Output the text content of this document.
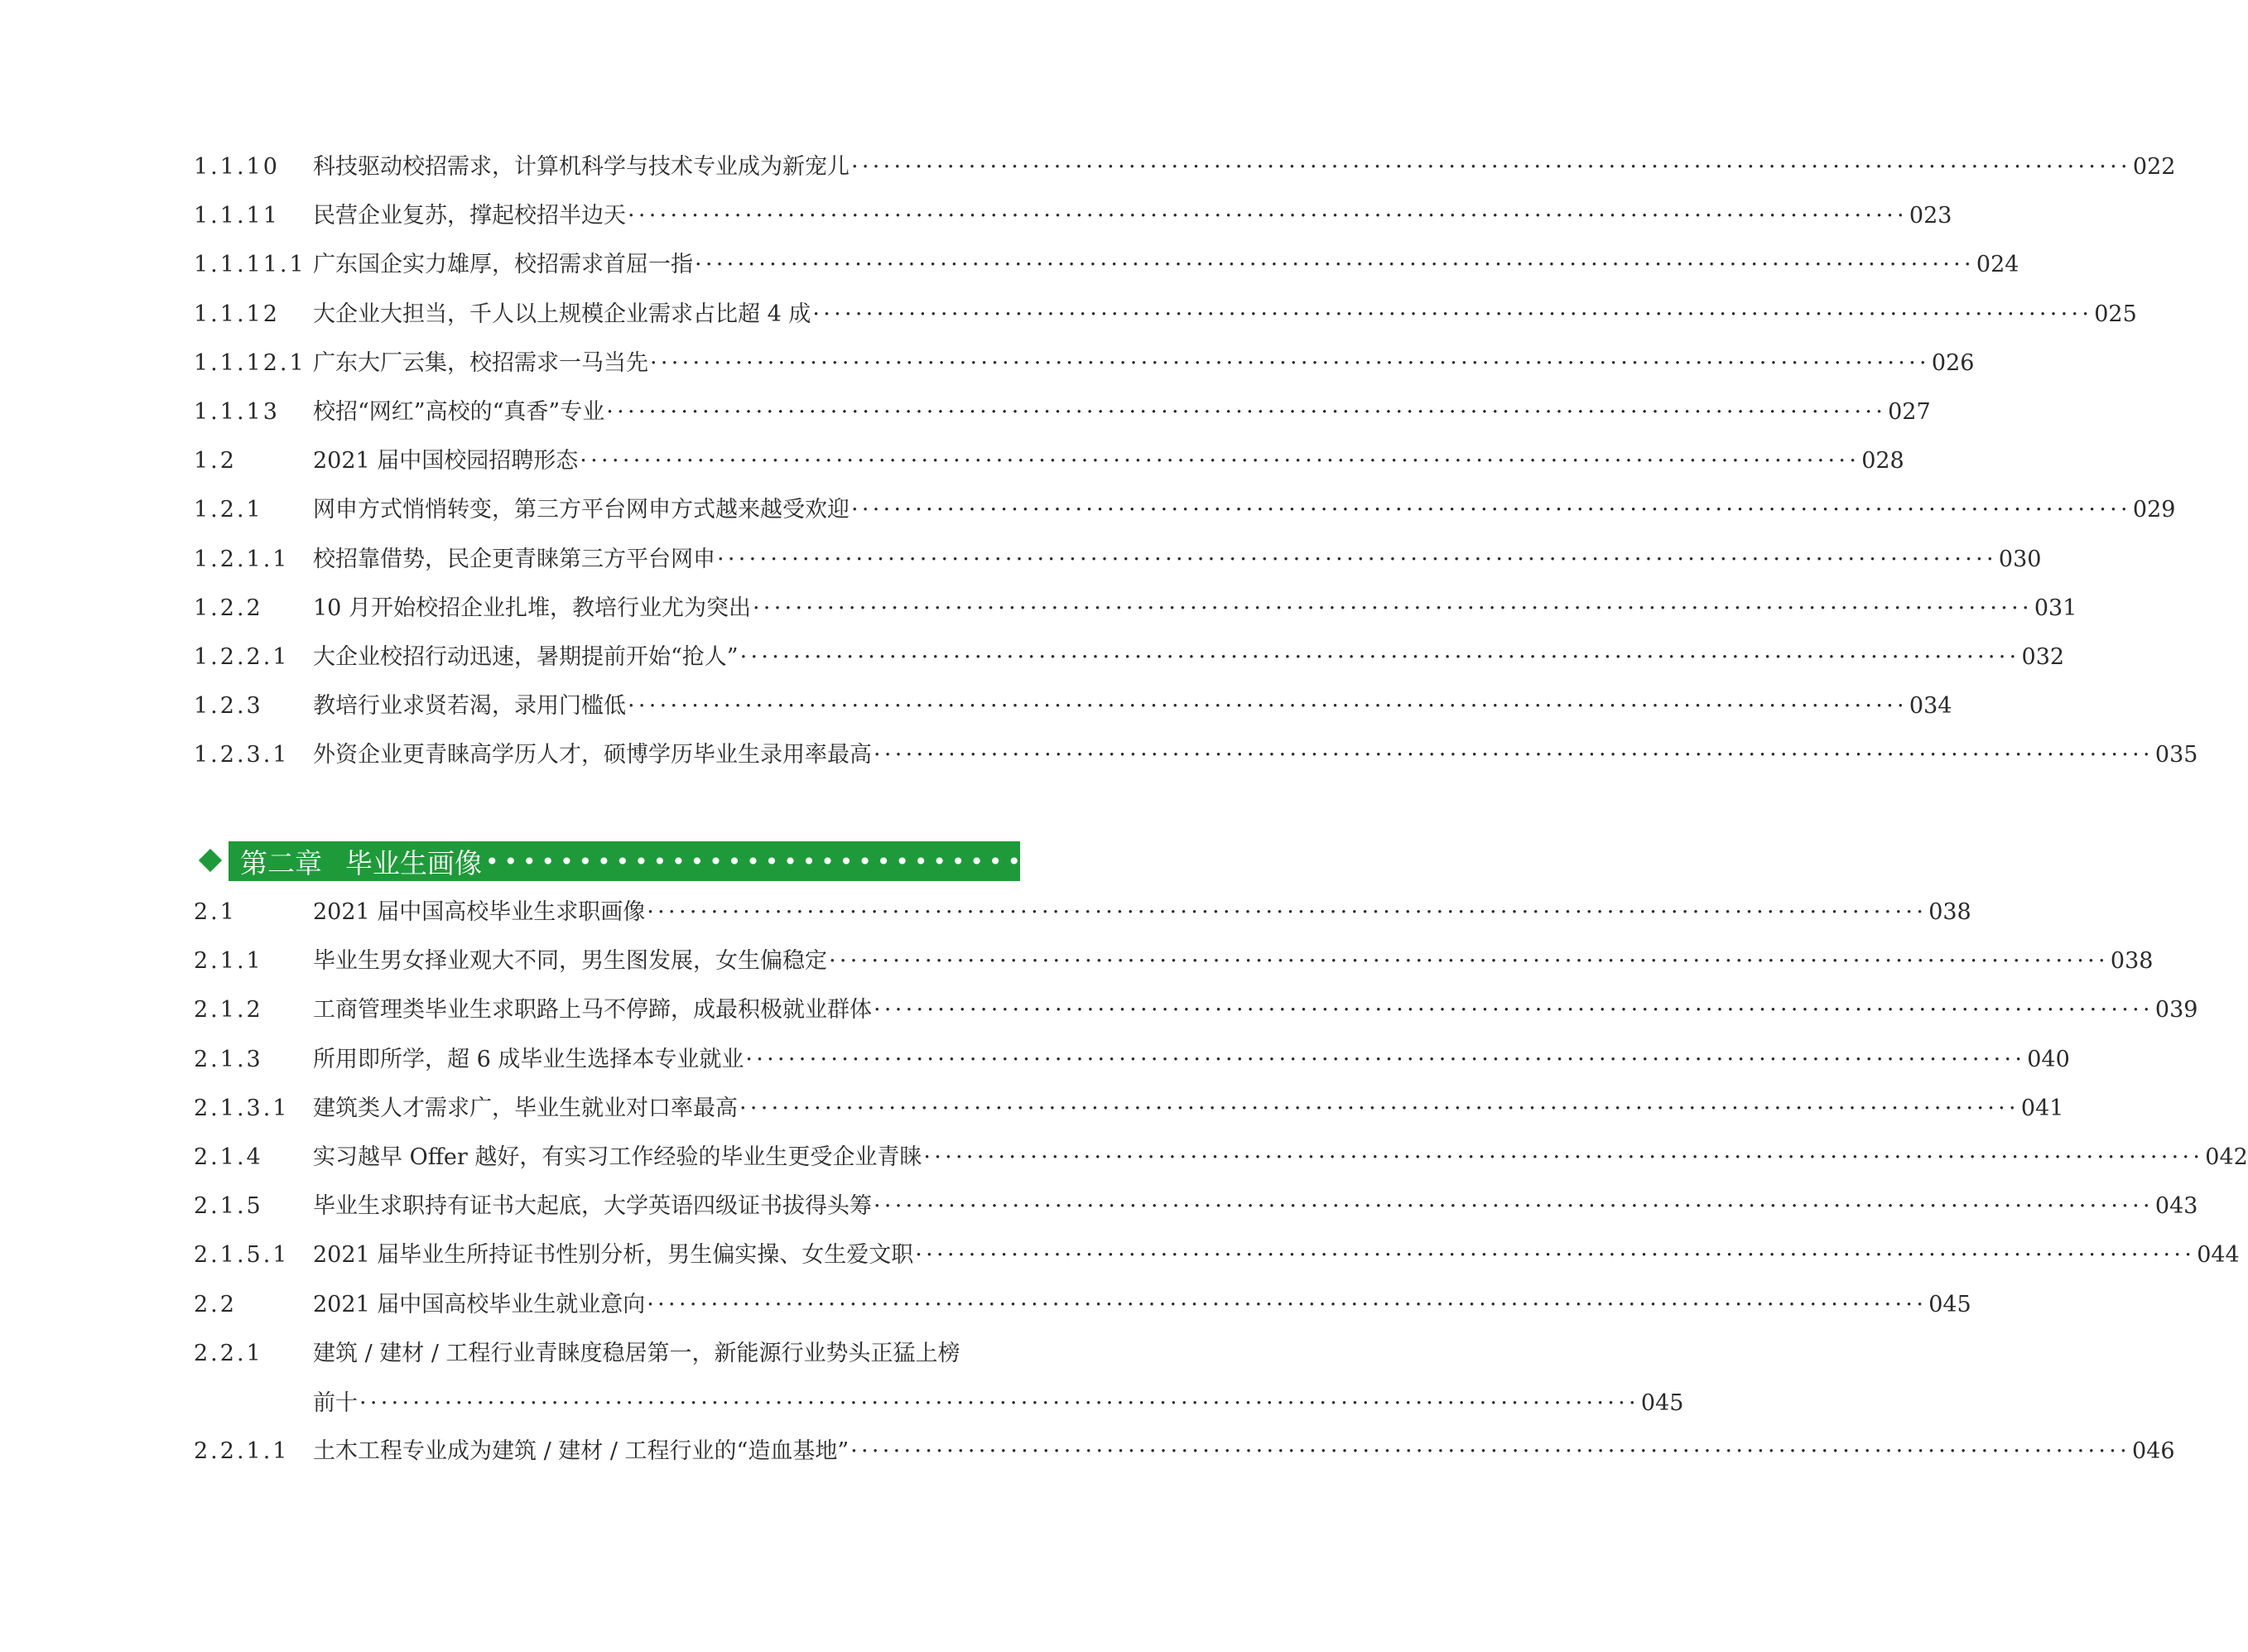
1.1.10 科技驱动校招需求，计算机科学与技术专业成为新宠儿 ························································································································ 022
1.1.11 民营企业复苏，撑起校招半边天 ························································································································ 023
1.1.11.1 广东国企实力雄厚，校招需求首屈一指 ························································································································ 024
1.1.12 大企业大担当，千人以上规模企业需求占比超 4 成 ························································································································ 025
1.1.12.1 广东大厂云集，校招需求一马当先 ························································································································ 026
1.1.13 校招“网红”高校的“真香”专业 ························································································································ 027
1.2	2021 届中国校园招聘形态 ························································································································ 028
1.2.1 网申方式悄悄转变，第三方平台网申方式越来越受欢迎 ························································································································ 029
1.2.1.1 校招靠借势，民企更青睐第三方平台网申 ························································································································ 030
1.2.2 10 月开始校招企业扎堆，教培行业尤为突出 ························································································································ 031
1.2.2.1 大企业校招行动迅速，暑期提前开始“抢人” ························································································································ 032
1.2.3 教培行业求贤若渴，录用门槛低 ························································································································ 034
1.2.3.1 外资企业更青睐高学历人才，硕博学历毕业生录用率最高 ························································································································ 035
2.1	2021 届中国高校毕业生求职画像 ························································································································ 038
2.1.1 毕业生男女择业观大不同，男生图发展，女生偏稳定 ························································································································ 038
2.1.2 工商管理类毕业生求职路上马不停蹄，成最积极就业群体 ························································································································ 039
2.1.3 所用即所学，超 6 成毕业生选择本专业就业 ························································································································ 040
2.1.3.1 建筑类人才需求广，毕业生就业对口率最高 ························································································································ 041
2.1.4 实习越早 Offer 越好，有实习工作经验的毕业生更受企业青睐 ························································································································ 042
2.1.5 毕业生求职持有证书大起底，大学英语四级证书拔得头筹 ························································································································ 043
2.1.5.1 2021 届毕业生所持证书性别分析，男生偏实操、女生爱文职 ························································································································ 044
2.2	2021 届中国高校毕业生就业意向 ························································································································ 045
2.2.1 建筑 / 建材 / 工程行业青睐度稳居第一，新能源行业势头正猛上榜
前十 ························································································································ 045
2.2.1.1 土木工程专业成为建筑 / 建材 / 工程行业的“造血基地” ························································································································ 046
第二章 毕业生画像 •••••••••••••••••••••••••••••••••••••••••••••••••••••••••••• 037
